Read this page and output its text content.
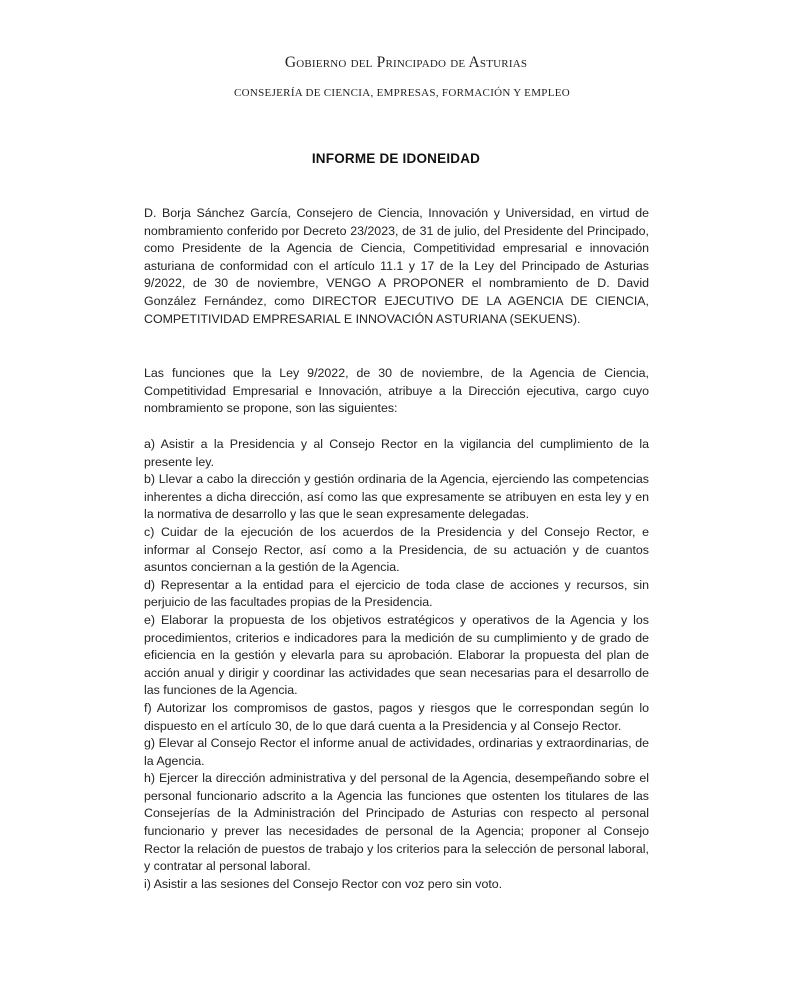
Gobierno del Principado de Asturias
CONSEJERÍA DE CIENCIA, EMPRESAS, FORMACIÓN Y EMPLEO
INFORME DE IDONEIDAD

D. Borja Sánchez García, Consejero de Ciencia, Innovación y Universidad, en virtud de nombramiento conferido por Decreto 23/2023, de 31 de julio, del Presidente del Principado, como Presidente de la Agencia de Ciencia, Competitividad empresarial e innovación asturiana de conformidad con el artículo 11.1 y 17 de la Ley del Principado de Asturias 9/2022, de 30 de noviembre, VENGO A PROPONER el nombramiento de D. David González Fernández, como DIRECTOR EJECUTIVO DE LA AGENCIA DE CIENCIA, COMPETITIVIDAD EMPRESARIAL E INNOVACIÓN ASTURIANA (SEKUENS).

Las funciones que la Ley 9/2022, de 30 de noviembre, de la Agencia de Ciencia, Competitividad Empresarial e Innovación, atribuye a la Dirección ejecutiva, cargo cuyo nombramiento se propone, son las siguientes:

a) Asistir a la Presidencia y al Consejo Rector en la vigilancia del cumplimiento de la presente ley.

b) Llevar a cabo la dirección y gestión ordinaria de la Agencia, ejerciendo las competencias inherentes a dicha dirección, así como las que expresamente se atribuyen en esta ley y en la normativa de desarrollo y las que le sean expresamente delegadas.

c) Cuidar de la ejecución de los acuerdos de la Presidencia y del Consejo Rector, e informar al Consejo Rector, así como a la Presidencia, de su actuación y de cuantos asuntos conciernan a la gestión de la Agencia.

d) Representar a la entidad para el ejercicio de toda clase de acciones y recursos, sin perjuicio de las facultades propias de la Presidencia.

e) Elaborar la propuesta de los objetivos estratégicos y operativos de la Agencia y los procedimientos, criterios e indicadores para la medición de su cumplimiento y de grado de eficiencia en la gestión y elevarla para su aprobación. Elaborar la propuesta del plan de acción anual y dirigir y coordinar las actividades que sean necesarias para el desarrollo de las funciones de la Agencia.

f) Autorizar los compromisos de gastos, pagos y riesgos que le correspondan según lo dispuesto en el artículo 30, de lo que dará cuenta a la Presidencia y al Consejo Rector.

g) Elevar al Consejo Rector el informe anual de actividades, ordinarias y extraordinarias, de la Agencia.

h) Ejercer la dirección administrativa y del personal de la Agencia, desempeñando sobre el personal funcionario adscrito a la Agencia las funciones que ostenten los titulares de las Consejerías de la Administración del Principado de Asturias con respecto al personal funcionario y prever las necesidades de personal de la Agencia; proponer al Consejo Rector la relación de puestos de trabajo y los criterios para la selección de personal laboral, y contratar al personal laboral.

i) Asistir a las sesiones del Consejo Rector con voz pero sin voto.
